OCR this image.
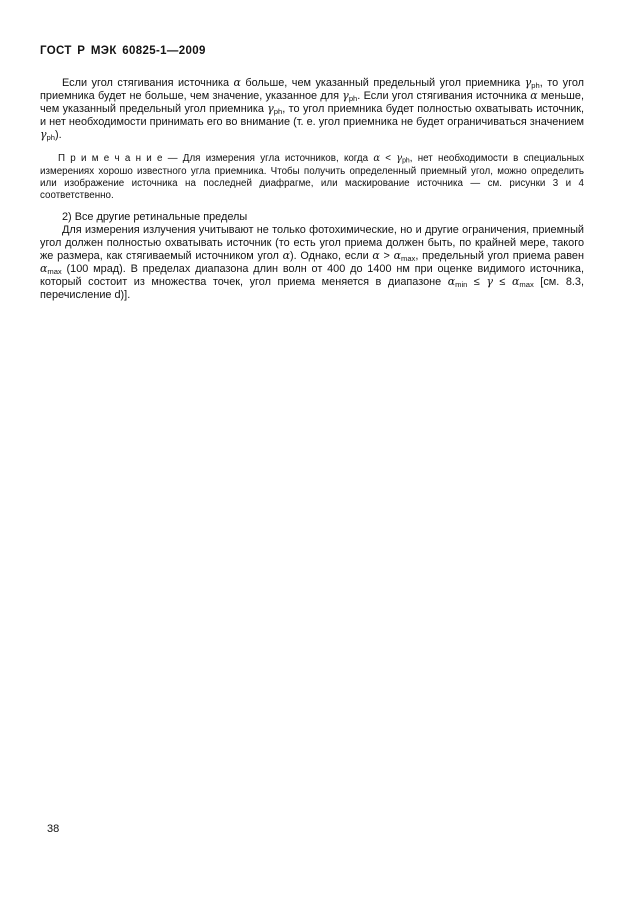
ГОСТ Р МЭК 60825-1—2009

Если угол стягивания источника α больше, чем указанный предельный угол приемника $\gamma_{ph}$, то угол приемника будет не больше, чем значение, указанное для $\gamma_{ph}$. Если угол стягивания источника α меньше, чем указанный предельный угол приемника $\gamma_{ph}$, то угол приемника будет полностью охватывать источник, и нет необходимости принимать его во внимание (т. е. угол приемника не будет ограничиваться значением $\gamma_{ph}$).

П р и м е ч а н и е — Для измерения угла источников, когда $\alpha < \gamma_{ph}$, нет необходимости в специальных измерениях хорошо известного угла приемника. Чтобы получить определенный приемный угол, можно определить или изображение источника на последней диафрагме, или маскирование источника — см. рисунки 3 и 4 соответственно.

2) Все другие ретинальные пределы

Для измерения излучения учитывают не только фотохимические, но и другие ограничения, приемный угол должен полностью охватывать источник (то есть угол приема должен быть, по крайней мере, такого же размера, как стягиваемый источником угол α). Однако, если $\alpha > \alpha_{max}$, предельный угол приема равен $\alpha_{max}$ (100 мрад). В пределах диапазона длин волн от 400 до 1400 нм при оценке видимого источника, который состоит из множества точек, угол приема меняется в диапазоне $\alpha_{min} \le \gamma \le \alpha_{max}$ [см. 8.3, перечисление d)].

38
